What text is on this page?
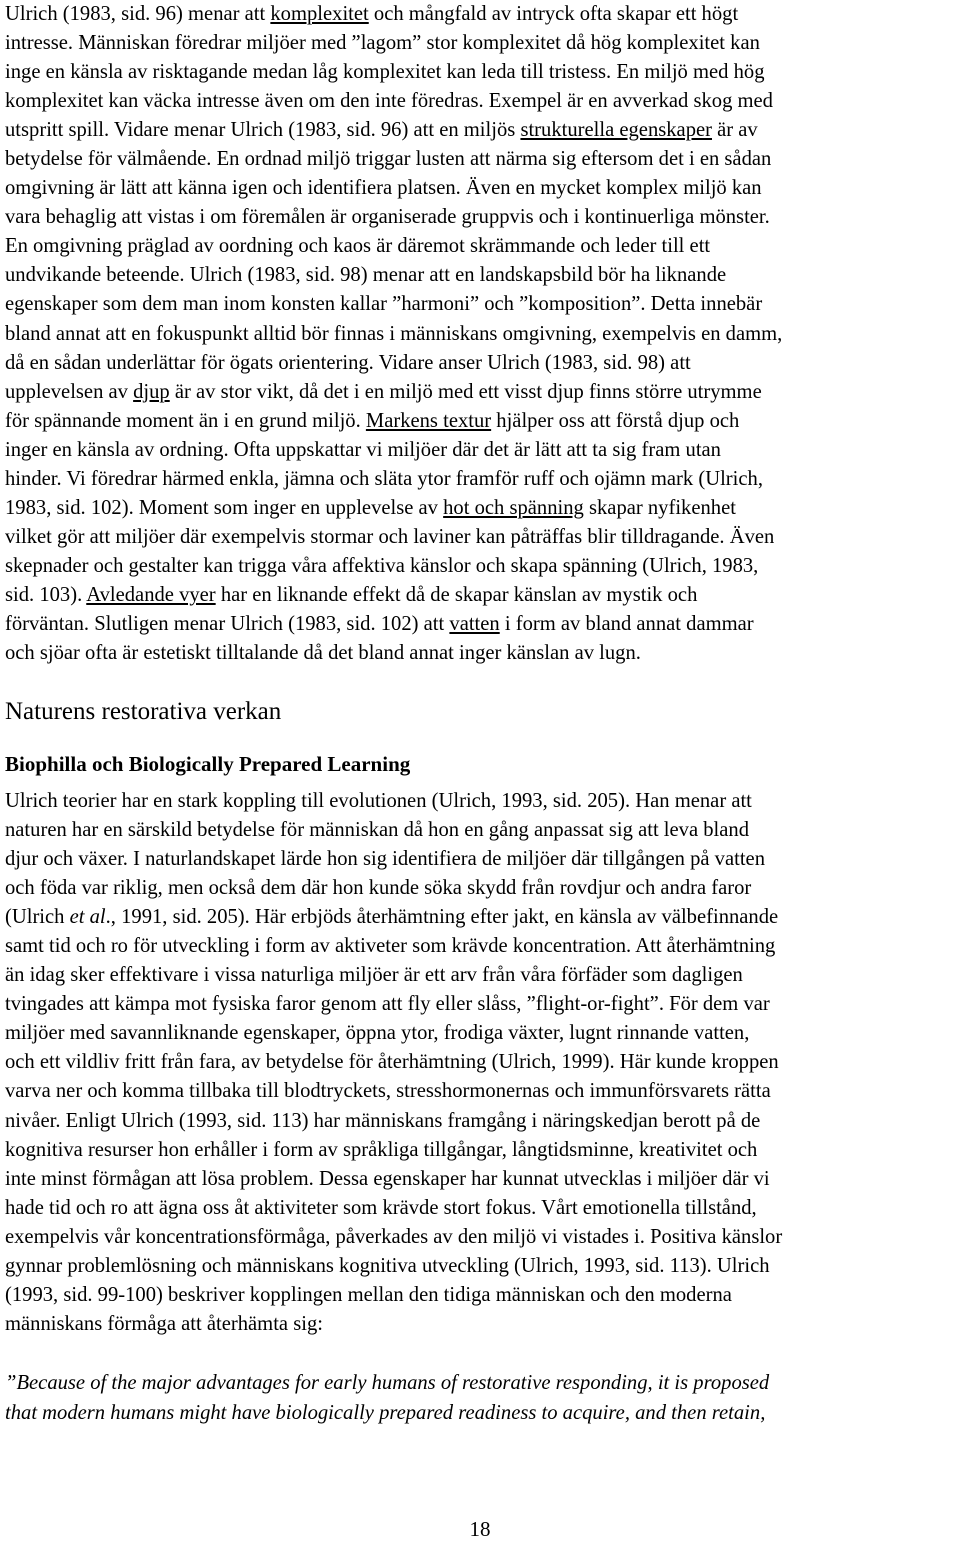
Ulrich (1983, sid. 96) menar att komplexitet och mångfald av intryck ofta skapar ett högt
intresse. Människan föredrar miljöer med ”lagom” stor komplexitet då hög komplexitet kan
inge en känsla av risktagande medan låg komplexitet kan leda till tristess. En miljö med hög
komplexitet kan väcka intresse även om den inte föredras. Exempel är en avverkad skog med
utspritt spill. Vidare menar Ulrich (1983, sid. 96) att en miljös strukturella egenskaper är av
betydelse för välmående. En ordnad miljö triggar lusten att närma sig eftersom det i en sådan
omgivning är lätt att känna igen och identifiera platsen. Även en mycket komplex miljö kan
vara behaglig att vistas i om föremålen är organiserade gruppvis och i kontinuerliga mönster.
En omgivning präglad av oordning och kaos är däremot skrämmande och leder till ett
undvikande beteende. Ulrich (1983, sid. 98) menar att en landskapsbild bör ha liknande
egenskaper som dem man inom konsten kallar ”harmoni” och ”komposition”. Detta innebär
bland annat att en fokuspunkt alltid bör finnas i människans omgivning, exempelvis en damm,
då en sådan underlättar för ögats orientering. Vidare anser Ulrich (1983, sid. 98) att
upplevelsen av djup är av stor vikt, då det i en miljö med ett visst djup finns större utrymme
för spännande moment än i en grund miljö. Markens textur hjälper oss att förstå djup och
inger en känsla av ordning. Ofta uppskattar vi miljöer där det är lätt att ta sig fram utan
hinder. Vi föredrar härmed enkla, jämna och släta ytor framför ruff och ojämn mark (Ulrich,
1983, sid. 102). Moment som inger en upplevelse av hot och spänning skapar nyfikenhet
vilket gör att miljöer där exempelvis stormar och laviner kan påträffas blir tilldragande. Även
skepnader och gestalter kan trigga våra affektiva känslor och skapa spänning (Ulrich, 1983,
sid. 103). Avledande vyer har en liknande effekt då de skapar känslan av mystik och
förväntan. Slutligen menar Ulrich (1983, sid. 102) att vatten i form av bland annat dammar
och sjöar ofta är estetiskt tilltalande då det bland annat inger känslan av lugn.
Naturens restorativa verkan
Biophilla och Biologically Prepared Learning
Ulrich teorier har en stark koppling till evolutionen (Ulrich, 1993, sid. 205). Han menar att
naturen har en särskild betydelse för människan då hon en gång anpassat sig att leva bland
djur och växer. I naturlandskapet lärde hon sig identifiera de miljöer där tillgången på vatten
och föda var riklig, men också dem där hon kunde söka skydd från rovdjur och andra faror
(Ulrich et al., 1991, sid. 205). Här erbjöds återhämtning efter jakt, en känsla av välbefinnande
samt tid och ro för utveckling i form av aktiveter som krävde koncentration. Att återhämtning
än idag sker effektivare i vissa naturliga miljöer är ett arv från våra förfäder som dagligen
tvingades att kämpa mot fysiska faror genom att fly eller slåss, ”flight-or-fight”. För dem var
miljöer med savannliknande egenskaper, öppna ytor, frodiga växter, lugnt rinnande vatten,
och ett vildliv fritt från fara, av betydelse för återhämtning (Ulrich, 1999). Här kunde kroppen
varva ner och komma tillbaka till blodtryckets, stresshormonernas och immunförsvarets rätta
nivåer. Enligt Ulrich (1993, sid. 113) har människans framgång i näringskedjan berott på de
kognitiva resurser hon erhåller i form av språkliga tillgångar, långtidsminne, kreativitet och
inte minst förmågan att lösa problem. Dessa egenskaper har kunnat utvecklas i miljöer där vi
hade tid och ro att ägna oss åt aktiviteter som krävde stort fokus. Vårt emotionella tillstånd,
exempelvis vår koncentrationsförmåga, påverkades av den miljö vi vistades i. Positiva känslor
gynnar problemlösning och människans kognitiva utveckling (Ulrich, 1993, sid. 113). Ulrich
(1993, sid. 99-100) beskriver kopplingen mellan den tidiga människan och den moderna
människans förmåga att återhämta sig:
”Because of the major advantages for early humans of restorative responding, it is proposed
that modern humans might have biologically prepared readiness to acquire, and then retain,
18
